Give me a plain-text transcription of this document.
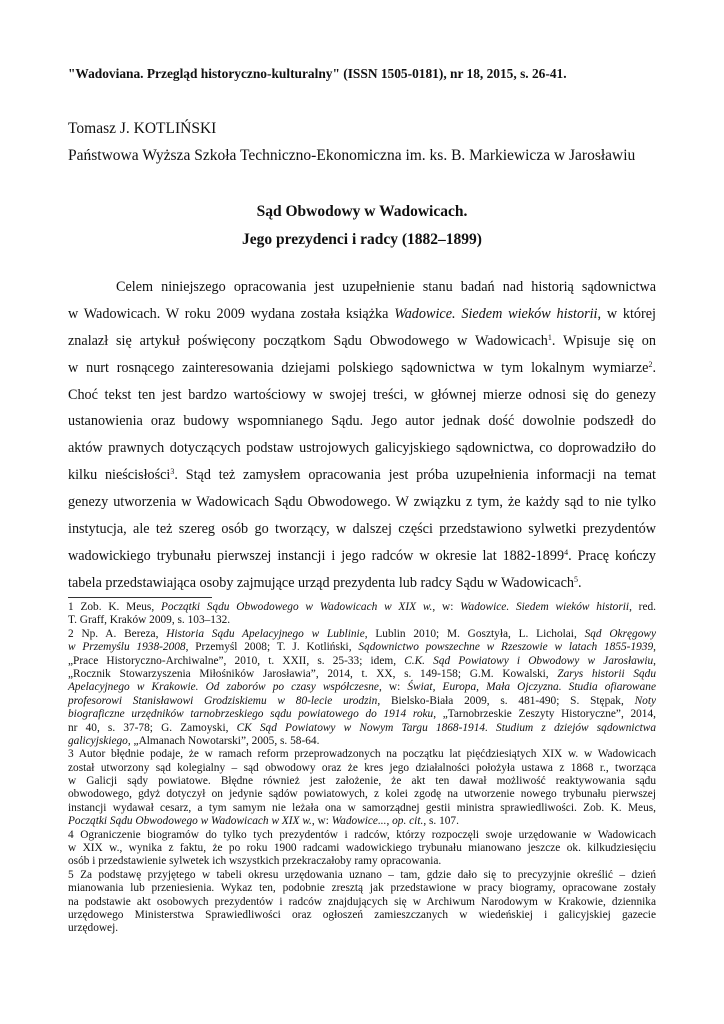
"Wadoviana. Przegląd historyczno-kulturalny" (ISSN 1505-0181), nr 18, 2015, s. 26-41.
Tomasz J. KOTLIŃSKI
Państwowa Wyższa Szkoła Techniczno-Ekonomiczna im. ks. B. Markiewicza w Jarosławiu
Sąd Obwodowy w Wadowicach.
Jego prezydenci i radcy (1882–1899)
Celem niniejszego opracowania jest uzupełnienie stanu badań nad historią sądownictwa
w Wadowicach. W roku 2009 wydana została książka Wadowice. Siedem wieków historii, w której
znalazł się artykuł poświęcony początkom Sądu Obwodowego w Wadowicach$^1$. Wpisuje się on
w nurt rosnącego zainteresowania dziejami polskiego sądownictwa w tym lokalnym wymiarze$^2$.
Choć tekst ten jest bardzo wartościowy w swojej treści, w głównej mierze odnosi się do genezy
ustanowienia oraz budowy wspomnianego Sądu. Jego autor jednak dość dowolnie podszedł do
aktów prawnych dotyczących podstaw ustrojowych galicyjskiego sądownictwa, co doprowadziło do
kilku nieścisłości$^3$. Stąd też zamysłem opracowania jest próba uzupełnienia informacji na temat
genezy utworzenia w Wadowicach Sądu Obwodowego. W związku z tym, że każdy sąd to nie tylko
instytucja, ale też szereg osób go tworzący, w dalszej części przedstawiono sylwetki prezydentów
wadowickiego trybunału pierwszej instancji i jego radców w okresie lat 1882-1899$^4$. Pracę kończy
tabela przedstawiająca osoby zajmujące urząd prezydenta lub radcy Sądu w Wadowicach$^5$.
1 Zob. K. Meus, Początki Sądu Obwodowego w Wadowicach w XIX w., w: Wadowice. Siedem wieków historii, red.
T. Graff, Kraków 2009, s. 103–132.
2 Np. A. Bereza, Historia Sądu Apelacyjnego w Lublinie, Lublin 2010; M. Gosztyła, L. Licholai, Sąd Okręgowy
w Przemyślu 1938-2008, Przemyśl 2008; T. J. Kotliński, Sądownictwo powszechne w Rzeszowie w latach 1855-1939,
„Prace Historyczno-Archiwalne”, 2010, t. XXII, s. 25-33; idem, C.K. Sąd Powiatowy i Obwodowy w Jarosławiu,
„Rocznik Stowarzyszenia Miłośników Jarosławia”, 2014, t. XX, s. 149-158; G.M. Kowalski, Zarys historii Sądu
Apelacyjnego w Krakowie. Od zaborów po czasy współczesne, w: Świat, Europa, Mała Ojczyzna. Studia ofiarowane
profesorowi Stanisławowi Grodziskiemu w 80-lecie urodzin, Bielsko-Biała 2009, s. 481-490; S. Stępak, Noty
biograficzne urzędników tarnobrzeskiego sądu powiatowego do 1914 roku, „Tarnobrzeskie Zeszyty Historyczne”, 2014,
nr 40, s. 37-78; G. Zamoyski, CK Sąd Powiatowy w Nowym Targu 1868-1914. Studium z dziejów sądownictwa
galicyjskiego, „Almanach Nowotarski”, 2005, s. 58-64.
3 Autor błędnie podaje, że w ramach reform przeprowadzonych na początku lat pięćdziesiątych XIX w. w Wadowicach
został utworzony sąd kolegialny – sąd obwodowy oraz że kres jego działalności położyła ustawa z 1868 r., tworząca
w Galicji sądy powiatowe. Błędne również jest założenie, że akt ten dawał możliwość reaktywowania sądu
obwodowego, gdyż dotyczył on jedynie sądów powiatowych, z kolei zgodę na utworzenie nowego trybunału pierwszej
instancji wydawał cesarz, a tym samym nie leżała ona w samorządnej gestii ministra sprawiedliwości. Zob. K. Meus,
Początki Sądu Obwodowego w Wadowicach w XIX w., w: Wadowice..., op. cit., s. 107.
4 Ograniczenie biogramów do tylko tych prezydentów i radców, którzy rozpoczęli swoje urzędowanie w Wadowicach
w XIX w., wynika z faktu, że po roku 1900 radcami wadowickiego trybunału mianowano jeszcze ok. kilkudziesięciu
osób i przedstawienie sylwetek ich wszystkich przekraczałoby ramy opracowania.
5 Za podstawę przyjętego w tabeli okresu urzędowania uznano – tam, gdzie dało się to precyzyjnie określić – dzień
mianowania lub przeniesienia. Wykaz ten, podobnie zresztą jak przedstawione w pracy biogramy, opracowane zostały
na podstawie akt osobowych prezydentów i radców znajdujących się w Archiwum Narodowym w Krakowie, dziennika
urzędowego Ministerstwa Sprawiedliwości oraz ogłoszeń zamieszczanych w wiedeńskiej i galicyjskiej gazecie
urzędowej.
